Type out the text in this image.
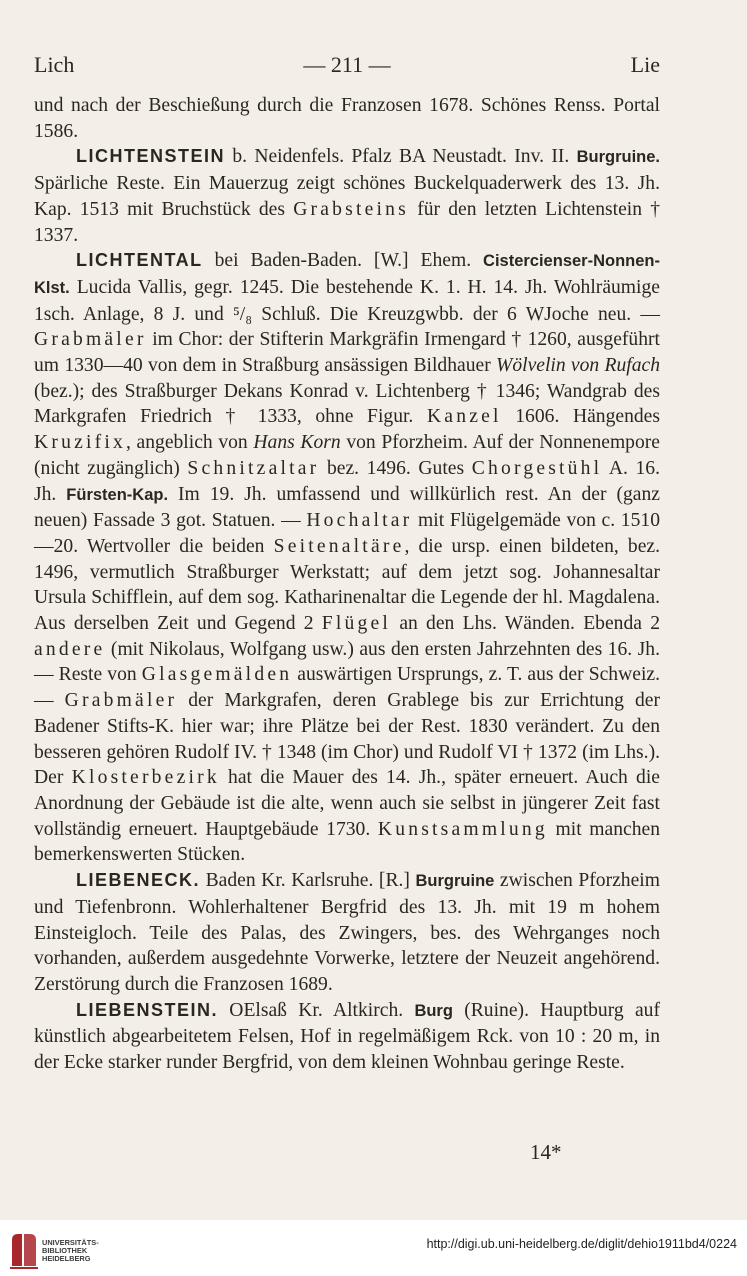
Lich	— 211 —	Lie

und nach der Beschießung durch die Franzosen 1678. Schönes Renss. Portal 1586.

LICHTENSTEIN b. Neidenfels. Pfalz BA Neustadt. Inv. II. Burgruine. Spärliche Reste. Ein Mauerzug zeigt schönes Buckelquaderwerk des 13. Jh. Kap. 1513 mit Bruchstück des Grabsteins für den letzten Lichtenstein † 1337.

LICHTENTAL bei Baden-Baden. [W.] Ehem. Cistercienser-Nonnen-Klst. Lucida Vallis, gegr. 1245. Die bestehende K. 1. H. 14. Jh. Wohlräumige 1sch. Anlage, 8 J. und ⁵/₈ Schluß. Die Kreuzgwbb. der 6 WJoche neu. — Grabmäler im Chor: der Stifterin Markgräfin Irmengard † 1260, ausgeführt um 1330—40 von dem in Straßburg ansässigen Bildhauer Wölvelin von Rufach (bez.); des Straßburger Dekans Konrad v. Lichtenberg † 1346; Wandgrab des Markgrafen Friedrich † 1333, ohne Figur. Kanzel 1606. Hängendes Kruzifix, angeblich von Hans Korn von Pforzheim. Auf der Nonnenempore (nicht zugänglich) Schnitzaltar bez. 1496. Gutes Chorgestühl A. 16. Jh. Fürsten-Kap. Im 19. Jh. umfassend und willkürlich rest. An der (ganz neuen) Fassade 3 got. Statuen. — Hochaltar mit Flügelgemäde von c. 1510—20. Wertvoller die beiden Seitenaltäre, die ursp. einen bildeten, bez. 1496, vermutlich Straßburger Werkstatt; auf dem jetzt sog. Johannesaltar Ursula Schifflein, auf dem sog. Katharinenaltar die Legende der hl. Magdalena. Aus derselben Zeit und Gegend 2 Flügel an den Lhs. Wänden. Ebenda 2 andere (mit Nikolaus, Wolfgang usw.) aus den ersten Jahrzehnten des 16. Jh. — Reste von Glasgemälden auswärtigen Ursprungs, z. T. aus der Schweiz. — Grabmäler der Markgrafen, deren Grablege bis zur Errichtung der Badener Stifts-K. hier war; ihre Plätze bei der Rest. 1830 verändert. Zu den besseren gehören Rudolf IV. † 1348 (im Chor) und Rudolf VI † 1372 (im Lhs.). Der Klosterbezirk hat die Mauer des 14. Jh., später erneuert. Auch die Anordnung der Gebäude ist die alte, wenn auch sie selbst in jüngerer Zeit fast vollständig erneuert. Hauptgebäude 1730. Kunstsammlung mit manchen bemerkenswerten Stücken.

LIEBENECK. Baden Kr. Karlsruhe. [R.] Burgruine zwischen Pforzheim und Tiefenbronn. Wohlerhaltener Bergfrid des 13. Jh. mit 19 m hohem Einsteigloch. Teile des Palas, des Zwingers, bes. des Wehrganges noch vorhanden, außerdem ausgedehnte Vorwerke, letztere der Neuzeit angehörend. Zerstörung durch die Franzosen 1689.

LIEBENSTEIN. OElsaß Kr. Altkirch. Burg (Ruine). Hauptburg auf künstlich abgearbeitetem Felsen, Hof in regelmäßigem Rck. von 10 : 20 m, in der Ecke starker runder Bergfrid, von dem kleinen Wohnbau geringe Reste.

14*
UNIVERSITÄTS-
BIBLIOTHEK
HEIDELBERG
http://digi.ub.uni-heidelberg.de/diglit/dehio1911bd4/0224
